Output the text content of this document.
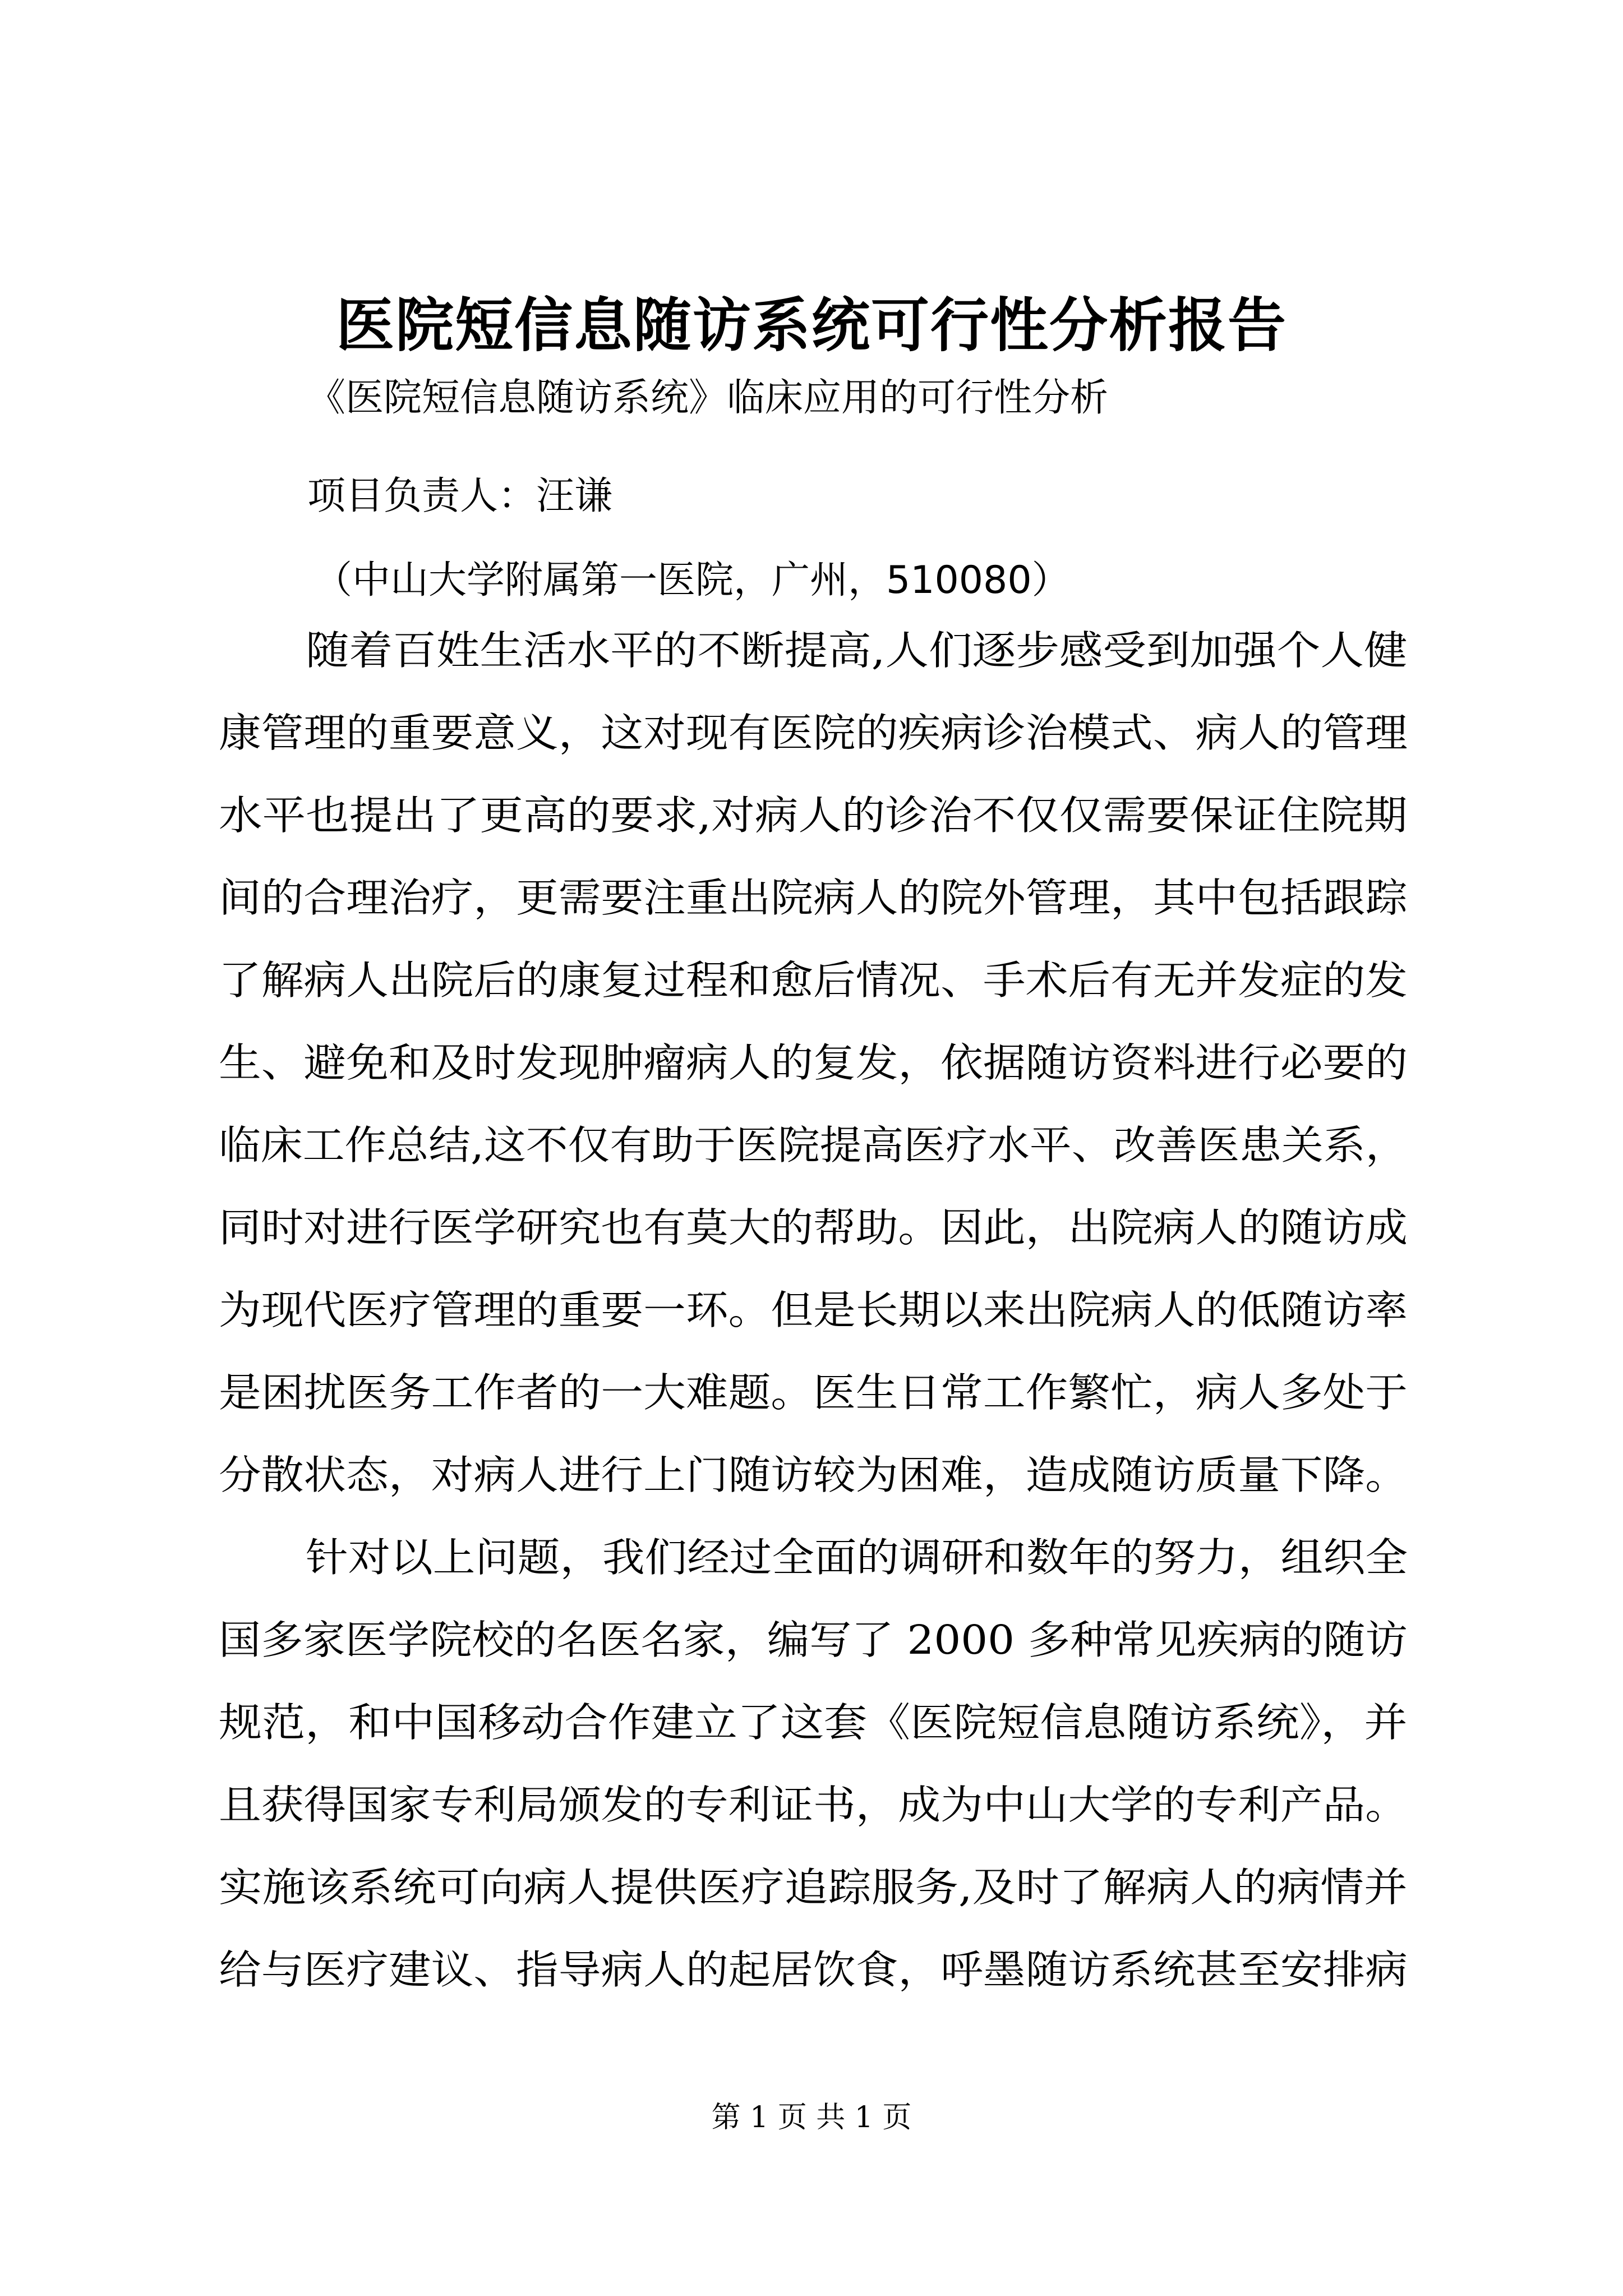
医院短信息随访系统可行性分析报告
《医院短信息随访系统》临床应用的可行性分析
项目负责人：汪谦
（中山大学附属第一医院，广州，510080）
随着百姓生活水平的不断提高,人们逐步感受到加强个人健
康管理的重要意义，这对现有医院的疾病诊治模式、病人的管理
水平也提出了更高的要求,对病人的诊治不仅仅需要保证住院期
间的合理治疗，更需要注重出院病人的院外管理，其中包括跟踪
了解病人出院后的康复过程和愈后情况、手术后有无并发症的发
生、避免和及时发现肿瘤病人的复发，依据随访资料进行必要的
临床工作总结,这不仅有助于医院提高医疗水平、改善医患关系，
同时对进行医学研究也有莫大的帮助。因此，出院病人的随访成
为现代医疗管理的重要一环。但是长期以来出院病人的低随访率
是困扰医务工作者的一大难题。医生日常工作繁忙，病人多处于
分散状态，对病人进行上门随访较为困难，造成随访质量下降。
针对以上问题，我们经过全面的调研和数年的努力，组织全
国多家医学院校的名医名家，编写了 2000 多种常见疾病的随访
规范，和中国移动合作建立了这套《医院短信息随访系统》，并
且获得国家专利局颁发的专利证书，成为中山大学的专利产品。
实施该系统可向病人提供医疗追踪服务,及时了解病人的病情并
给与医疗建议、指导病人的起居饮食，呼墨随访系统甚至安排病
第 1 页 共 1 页
